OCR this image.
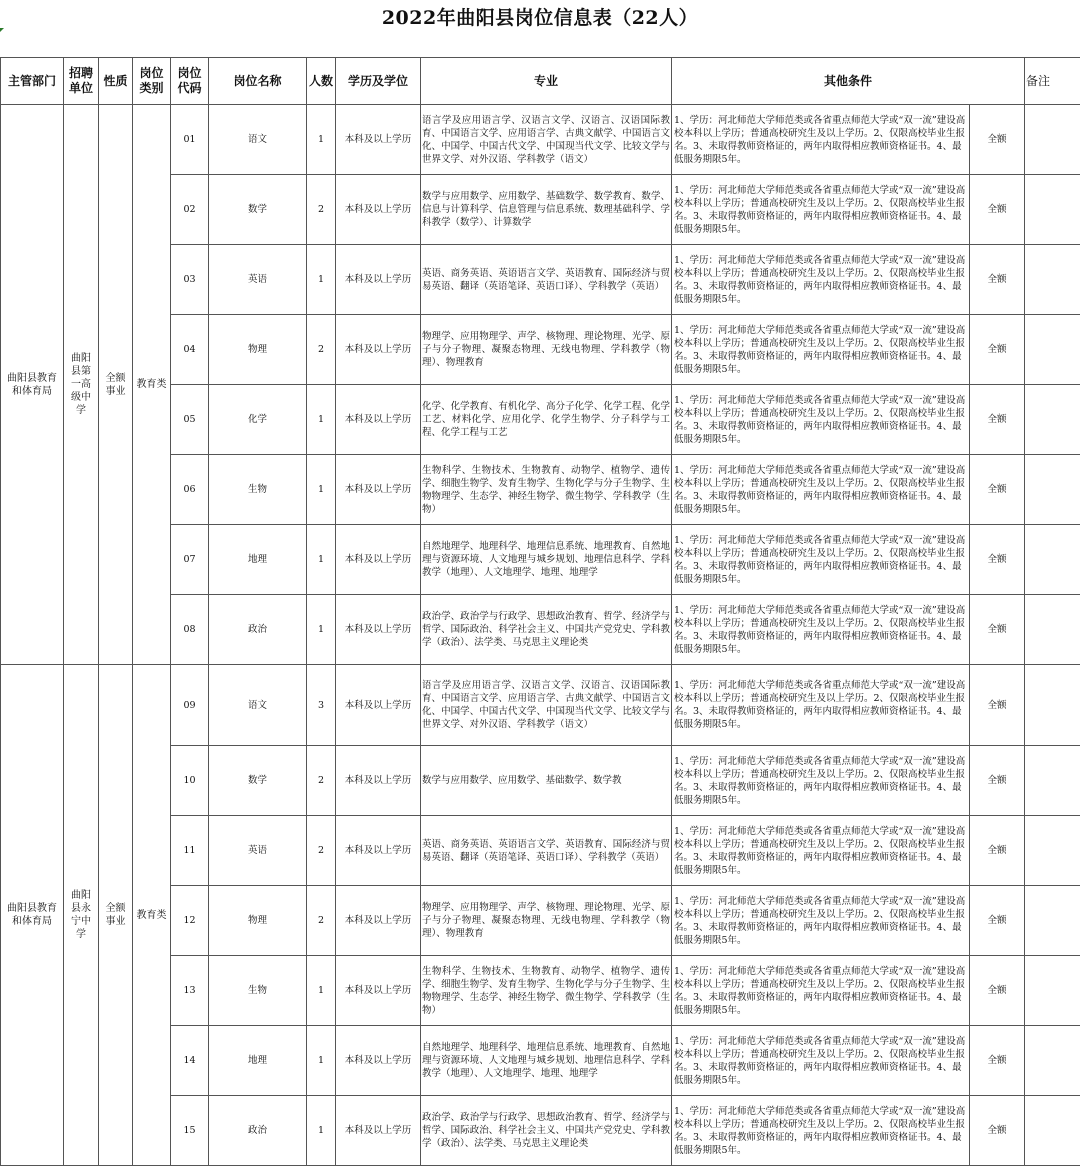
2022年曲阳县岗位信息表（22人）
主管部门	招聘单位	性质	岗位类别	岗位代码	岗位名称	人数	学历及学位	专业	其他条件		备注
曲阳县教育和体育局	曲阳县第一高级中学	全额事业	教育类	01	语文	1	本科及以上学历	语言学及应用语言学、汉语言文学、汉语言、汉语国际教育、中国语言文学、应用语言学、古典文献学、中国语言文化、中国学、中国古代文学、中国现当代文学、比较文学与世界文学、对外汉语、学科教学（语文）	1、学历：河北师范大学师范类或各省重点师范大学或“双一流”建设高校本科以上学历；普通高校研究生及以上学历。2、仅限高校毕业生报名。3、未取得教师资格证的，两年内取得相应教师资格证书。4、最低服务期限5年。	全额	
				02	数学	2	本科及以上学历	数学与应用数学、应用数学、基础数学、数学教育、数学、信息与计算科学、信息管理与信息系统、数理基础科学、学科教学（数学）、计算数学	1、学历：河北师范大学师范类或各省重点师范大学或“双一流”建设高校本科以上学历；普通高校研究生及以上学历。2、仅限高校毕业生报名。3、未取得教师资格证的，两年内取得相应教师资格证书。4、最低服务期限5年。	全额	
				03	英语	1	本科及以上学历	英语、商务英语、英语语言文学、英语教育、国际经济与贸易英语、翻译（英语笔译、英语口译）、学科教学（英语）	1、学历：河北师范大学师范类或各省重点师范大学或“双一流”建设高校本科以上学历；普通高校研究生及以上学历。2、仅限高校毕业生报名。3、未取得教师资格证的，两年内取得相应教师资格证书。4、最低服务期限5年。	全额	
				04	物理	2	本科及以上学历	物理学、应用物理学、声学、核物理、理论物理、光学、原子与分子物理、凝聚态物理、无线电物理、学科教学（物理）、物理教育	1、学历：河北师范大学师范类或各省重点师范大学或“双一流”建设高校本科以上学历；普通高校研究生及以上学历。2、仅限高校毕业生报名。3、未取得教师资格证的，两年内取得相应教师资格证书。4、最低服务期限5年。	全额	
				05	化学	1	本科及以上学历	化学、化学教育、有机化学、高分子化学、化学工程、化学工艺、材料化学、应用化学、化学生物学、分子科学与工程、化学工程与工艺	1、学历：河北师范大学师范类或各省重点师范大学或“双一流”建设高校本科以上学历；普通高校研究生及以上学历。2、仅限高校毕业生报名。3、未取得教师资格证的，两年内取得相应教师资格证书。4、最低服务期限5年。	全额	
				06	生物	1	本科及以上学历	生物科学、生物技术、生物教育、动物学、植物学、遗传学、细胞生物学、发育生物学、生物化学与分子生物学、生物物理学、生态学、神经生物学、微生物学、学科教学（生物）	1、学历：河北师范大学师范类或各省重点师范大学或“双一流”建设高校本科以上学历；普通高校研究生及以上学历。2、仅限高校毕业生报名。3、未取得教师资格证的，两年内取得相应教师资格证书。4、最低服务期限5年。	全额	
				07	地理	1	本科及以上学历	自然地理学、地理科学、地理信息系统、地理教育、自然地理与资源环境、人文地理与城乡规划、地理信息科学、学科教学（地理）、人文地理学、地理、地理学	1、学历：河北师范大学师范类或各省重点师范大学或“双一流”建设高校本科以上学历；普通高校研究生及以上学历。2、仅限高校毕业生报名。3、未取得教师资格证的，两年内取得相应教师资格证书。4、最低服务期限5年。	全额	
				08	政治	1	本科及以上学历	政治学、政治学与行政学、思想政治教育、哲学、经济学与哲学、国际政治、科学社会主义、中国共产党党史、学科教学（政治）、法学类、马克思主义理论类	1、学历：河北师范大学师范类或各省重点师范大学或“双一流”建设高校本科以上学历；普通高校研究生及以上学历。2、仅限高校毕业生报名。3、未取得教师资格证的，两年内取得相应教师资格证书。4、最低服务期限5年。	全额	
曲阳县教育和体育局	曲阳县永宁中学	全额事业	教育类	09	语文	3	本科及以上学历	语言学及应用语言学、汉语言文学、汉语言、汉语国际教育、中国语言文学、应用语言学、古典文献学、中国语言文化、中国学、中国古代文学、中国现当代文学、比较文学与世界文学、对外汉语、学科教学（语文）	1、学历：河北师范大学师范类或各省重点师范大学或“双一流”建设高校本科以上学历；普通高校研究生及以上学历。2、仅限高校毕业生报名。3、未取得教师资格证的，两年内取得相应教师资格证书。4、最低服务期限5年。	全额	
				10	数学	2	本科及以上学历	数学与应用数学、应用数学、基础数学、数学教	1、学历：河北师范大学师范类或各省重点师范大学或“双一流”建设高校本科以上学历；普通高校研究生及以上学历。2、仅限高校毕业生报名。3、未取得教师资格证的，两年内取得相应教师资格证书。4、最低服务期限5年。	全额	
				11	英语	2	本科及以上学历	英语、商务英语、英语语言文学、英语教育、国际经济与贸易英语、翻译（英语笔译、英语口译）、学科教学（英语）	1、学历：河北师范大学师范类或各省重点师范大学或“双一流”建设高校本科以上学历；普通高校研究生及以上学历。2、仅限高校毕业生报名。3、未取得教师资格证的，两年内取得相应教师资格证书。4、最低服务期限5年。	全额	
				12	物理	2	本科及以上学历	物理学、应用物理学、声学、核物理、理论物理、光学、原子与分子物理、凝聚态物理、无线电物理、学科教学（物理）、物理教育	1、学历：河北师范大学师范类或各省重点师范大学或“双一流”建设高校本科以上学历；普通高校研究生及以上学历。2、仅限高校毕业生报名。3、未取得教师资格证的，两年内取得相应教师资格证书。4、最低服务期限5年。	全额	
				13	生物	1	本科及以上学历	生物科学、生物技术、生物教育、动物学、植物学、遗传学、细胞生物学、发育生物学、生物化学与分子生物学、生物物理学、生态学、神经生物学、微生物学、学科教学（生物）	1、学历：河北师范大学师范类或各省重点师范大学或“双一流”建设高校本科以上学历；普通高校研究生及以上学历。2、仅限高校毕业生报名。3、未取得教师资格证的，两年内取得相应教师资格证书。4、最低服务期限5年。	全额	
				14	地理	1	本科及以上学历	自然地理学、地理科学、地理信息系统、地理教育、自然地理与资源环境、人文地理与城乡规划、地理信息科学、学科教学（地理）、人文地理学、地理、地理学	1、学历：河北师范大学师范类或各省重点师范大学或“双一流”建设高校本科以上学历；普通高校研究生及以上学历。2、仅限高校毕业生报名。3、未取得教师资格证的，两年内取得相应教师资格证书。4、最低服务期限5年。	全额	
				15	政治	1	本科及以上学历	政治学、政治学与行政学、思想政治教育、哲学、经济学与哲学、国际政治、科学社会主义、中国共产党党史、学科教学（政治）、法学类、马克思主义理论类	1、学历：河北师范大学师范类或各省重点师范大学或“双一流”建设高校本科以上学历；普通高校研究生及以上学历。2、仅限高校毕业生报名。3、未取得教师资格证的，两年内取得相应教师资格证书。4、最低服务期限5年。	全额	
